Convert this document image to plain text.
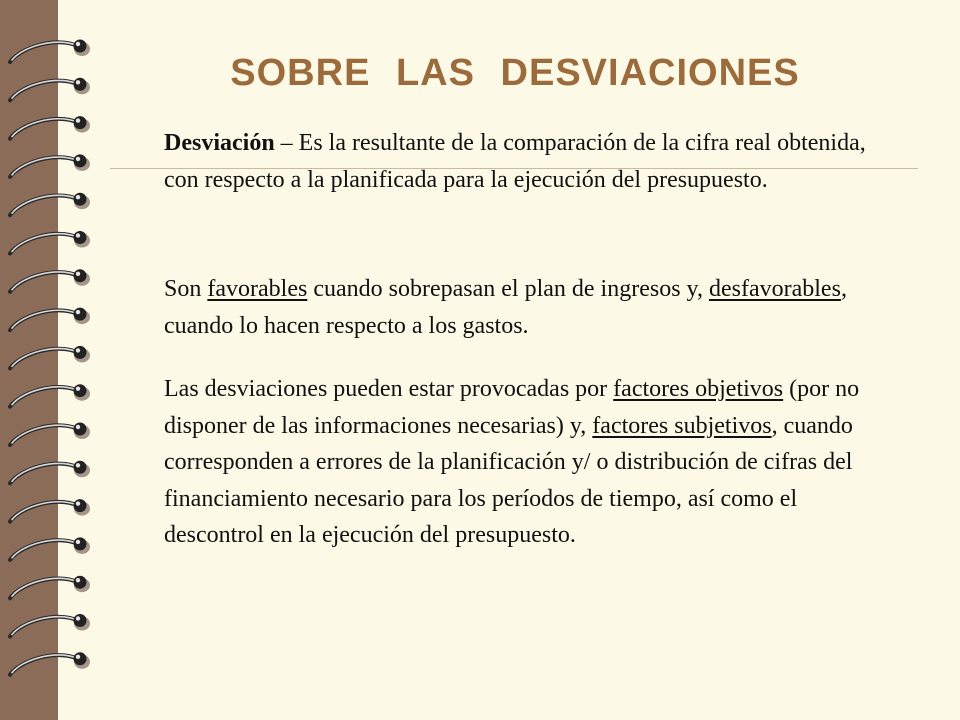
SOBRE LAS DESVIACIONES

Desviación – Es la resultante de la comparación de la cifra real obtenida, con respecto a la planificada para la ejecución del presupuesto.

Son favorables cuando sobrepasan el plan de ingresos y, desfavorables, cuando lo hacen respecto a los gastos.

Las desviaciones pueden estar provocadas por factores objetivos (por no disponer de las informaciones necesarias) y, factores subjetivos, cuando corresponden a errores de la planificación y/ o distribución de cifras del financiamiento necesario para los períodos de tiempo, así como el descontrol en la ejecución del presupuesto.
